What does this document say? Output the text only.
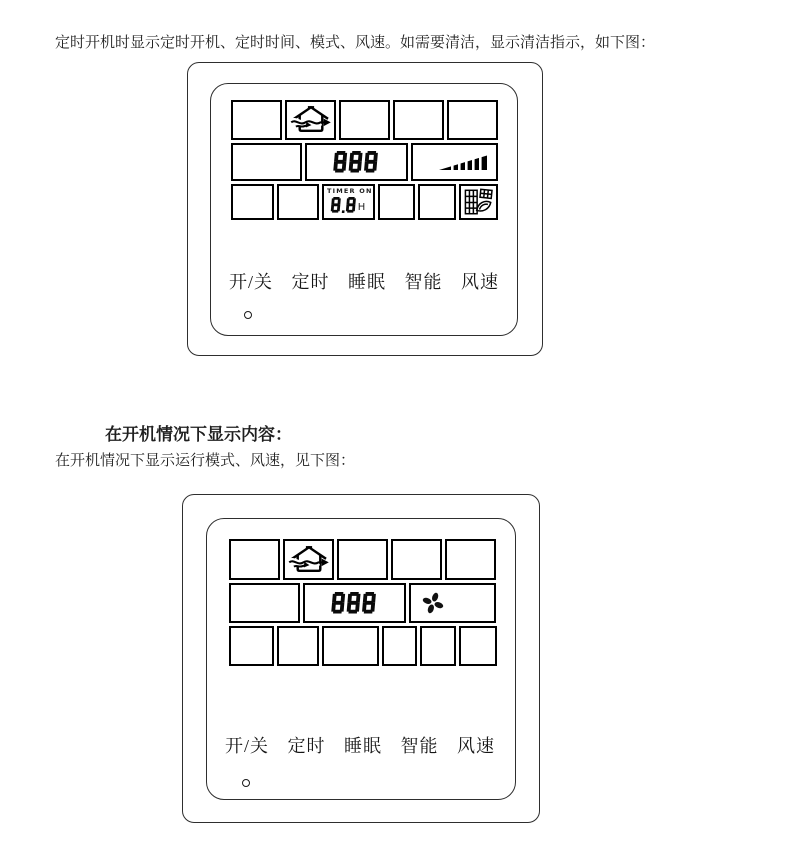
定时开机时显示定时开机、定时时间、模式、风速。如需要清洁，显示清洁指示，如下图：

TIMER ON
H
开/关 定时 睡眠 智能 风速

在开机情况下显示内容：

在开机情况下显示运行模式、风速，见下图：

开/关 定时 睡眠 智能 风速
